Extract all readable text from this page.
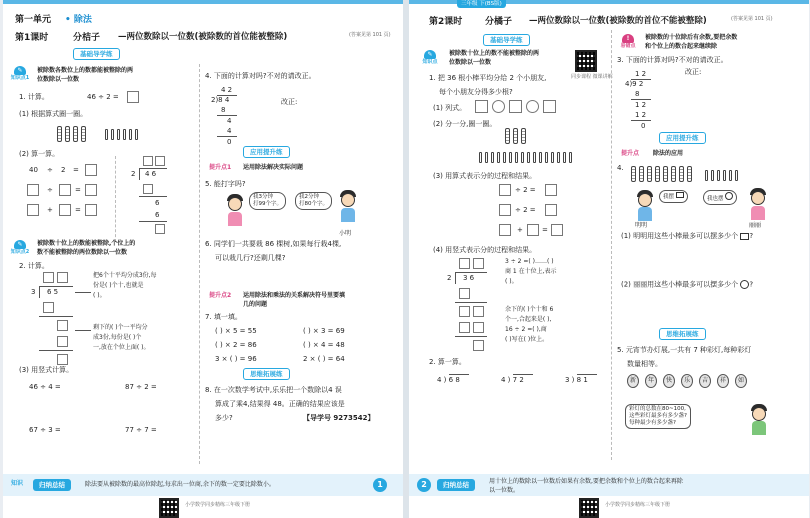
第一单元 • 除法
第1课时	分桔子 —两位数除以一位数(被除数的首位能被整除)	(答案见第 101 页)
基础导学练
✎
知识点1
被除数各数位上的数都能被整除的两
位数除以一位数
1. 计算。	46 ÷ 2 =
(1) 根据算式圈一圈。
(2) 算一算。
40 ÷ 2 =
÷	=
+	=
2 4 6
6
6
✎
知识点2
被除数十位上的数能被整除,个位上的
数不能被整除的两位数除以一位数
2. 计算。
3 6 5
把6个十平均分成3份,每
份是( )个十,也就是
( )。
剩下的( )个一平均分
成3份,每份是( )个
一,放在个位上面( )。
(3) 用竖式计算。
46 ÷ 4 =	87 ÷ 2 =
67 ÷ 3 =	77 ÷ 7 =
4. 下面的计算对吗?不对的请改正。
4 2
2)8 4
8
4
4
0
改正:
应用提升练
提升点1 运用除法解决实际问题
5. 能打字吗?
我3分钟
打99个字。
我2分钟
打80个字。
小明
6. 同学们一共要栽 86 棵树,如果每行栽4棵,
可以栽几行?还剩几棵?
提升点2 运用除法和乘法的关系解决符号里要填
几的问题
7. 填一填。
( ) × 5 = 55	( ) × 3 = 69
( ) × 2 = 86	( ) × 4 = 48
3 × ( ) = 96	2 × ( ) = 64
思维拓展练
8. 在一次数学考试中,乐乐把一个数除以4 误
算成了乘4,结果得 48。正确的结果应该是
多少?	【导学号 9273542】
知识	归纳总结	除法要从被除数的最高位除起,每求出一位商,余下的数一定要比除数小。	1
小学数学同步精练三年级下册
三年级 下(BS版)
第2课时	分橘子 —两位数除以一位数(被除数的首位不能被整除)	(答案见第 101 页)
基础导学练
✎
知识点
被除数十位上的数不能被整除的两
位数除以一位数
同步课程 微课讲解
1. 把 36 根小棒平均分给 2 个小朋友,
每个小朋友分得多少根?
(1) 列式。
(2) 分一分,圈一圈。
(3) 用算式表示分的过程和结果。
÷ 2 =
÷ 2 =
+	=
(4) 用竖式表示分的过程和结果。
2 3 6
3 ÷ 2 =( )……( )
商 1 在十位上,表示
( )。
余下的( )个十和 6
个一,合起来是( ),
16 ÷ 2 =( ),商
( )写在( )位上。
2. 算一算。
4 ) 6 8	4 ) 7 2	3 ) 8 1
!
易错点
被除数的十位除后有余数,要把余数
和个位上的数合起来继续除
3. 下面的计算对吗?不对的请改正。
1 2
4)9 2
8
1 2
1 2
0
改正:
应用提升练
提升点 除法的应用
4.
我摆	我也摆
明明	丽丽
(1) 明明用这些小棒最多可以摆多少个 ?
(2) 丽丽用这些小棒最多可以摆多少个 ?
思维拓展练
5. 元宵节办灯展,一共有 7 种彩灯,每种彩灯
数量相等。
新	年	快	乐	吉	祥	如
彩灯的总数在80~100,
这些彩灯最多有多少盏?
每种最少有多少盏?
2	归纳总结	用十位上的数除以一位数后如果有余数,要把余数和个位上的数合起来再除
以一位数。
小学数学同步精练三年级下册
